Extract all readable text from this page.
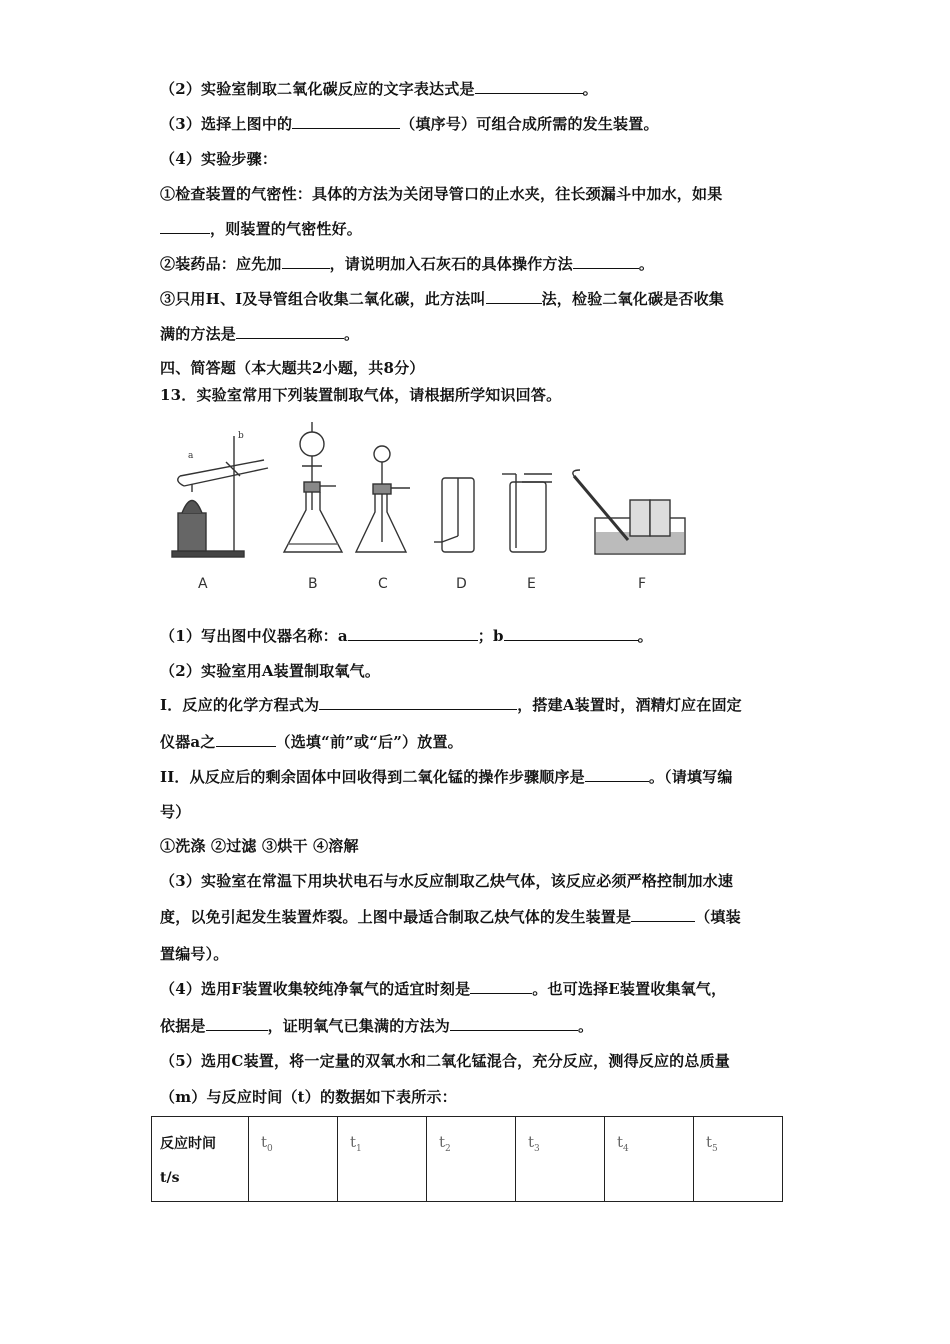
（2）实验室制取二氧化碳反应的文字表达式是	。
（3）选择上图中的	（填序号）可组合成所需的发生装置。
（4）实验步骤：
①检查装置的气密性：具体的方法为关闭导管口的止水夹，往长颈漏斗中加水，如果
，则装置的气密性好。
②装药品：应先加	，请说明加入石灰石的具体操作方法	。
③只用H、I及导管组合收集二氧化碳，此方法叫	法，检验二氧化碳是否收集
满的方法是	。
四、简答题（本大题共2小题，共8分）
13．实验室常用下列装置制取气体，请根据所学知识回答。
a
b
A	B	C	D	E	F
（1）写出图中仪器名称：a	；b	。
（2）实验室用A装置制取氧气。
I．反应的化学方程式为	，搭建A装置时，酒精灯应在固定
仪器a之	（选填“前”或“后”）放置。
II．从反应后的剩余固体中回收得到二氧化锰的操作步骤顺序是	。（请填写编
号）
①洗涤 ②过滤 ③烘干 ④溶解
（3）实验室在常温下用块状电石与水反应制取乙炔气体，该反应必须严格控制加水速
度，以免引起发生装置炸裂。上图中最适合制取乙炔气体的发生装置是	（填装
置编号）。
（4）选用F装置收集较纯净氧气的适宜时刻是	。也可选择E装置收集氧气，
依据是	，证明氧气已集满的方法为	。
（5）选用C装置，将一定量的双氧水和二氧化锰混合，充分反应，测得反应的总质量
（m）与反应时间（t）的数据如下表所示：
反应时间
t/s
	$t_0$	$t_1$	$t_2$	$t_3$	$t_4$	$t_5$
